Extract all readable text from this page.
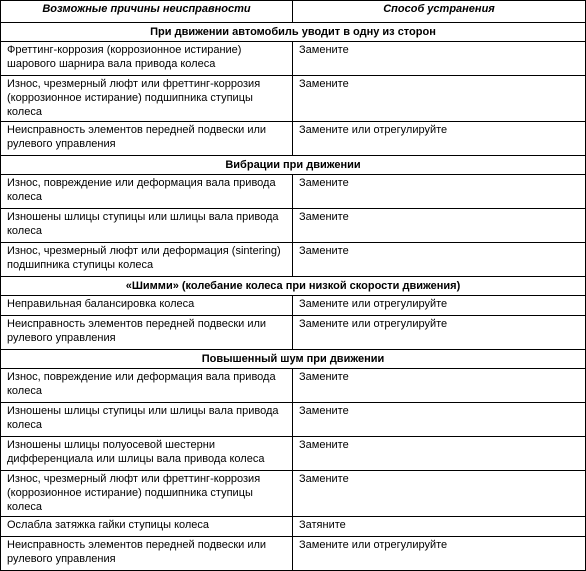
Возможные причины неисправности	Способ устранения
При движении автомобиль уводит в одну из сторон	
Фреттинг-коррозия (коррозионное истирание) шарового шарнира вала привода колеса	Замените
Износ, чрезмерный люфт или фреттинг-коррозия (коррозионное истирание) подшипника ступицы колеса	Замените
Неисправность элементов передней подвески или рулевого управления	Замените или отрегулируйте
Вибрации при движении	
Износ, повреждение или деформация вала привода колеса	Замените
Изношены шлицы ступицы или шлицы вала привода колеса	Замените
Износ, чрезмерный люфт или деформация (sintering) подшипника ступицы колеса	Замените
«Шимми» (колебание колеса при низкой скорости движения)	
Неправильная балансировка колеса	Замените или отрегулируйте
Неисправность элементов передней подвески или рулевого управления	Замените или отрегулируйте
Повышенный шум при движении	
Износ, повреждение или деформация вала привода колеса	Замените
Изношены шлицы ступицы или шлицы вала привода колеса	Замените
Изношены шлицы полуосевой шестерни дифференциала или шлицы вала привода колеса	Замените
Износ, чрезмерный люфт или фреттинг-коррозия (коррозионное истирание) подшипника ступицы колеса	Замените
Ослабла затяжка гайки ступицы колеса	Затяните
Неисправность элементов передней подвески или рулевого управления	Замените или отрегулируйте
